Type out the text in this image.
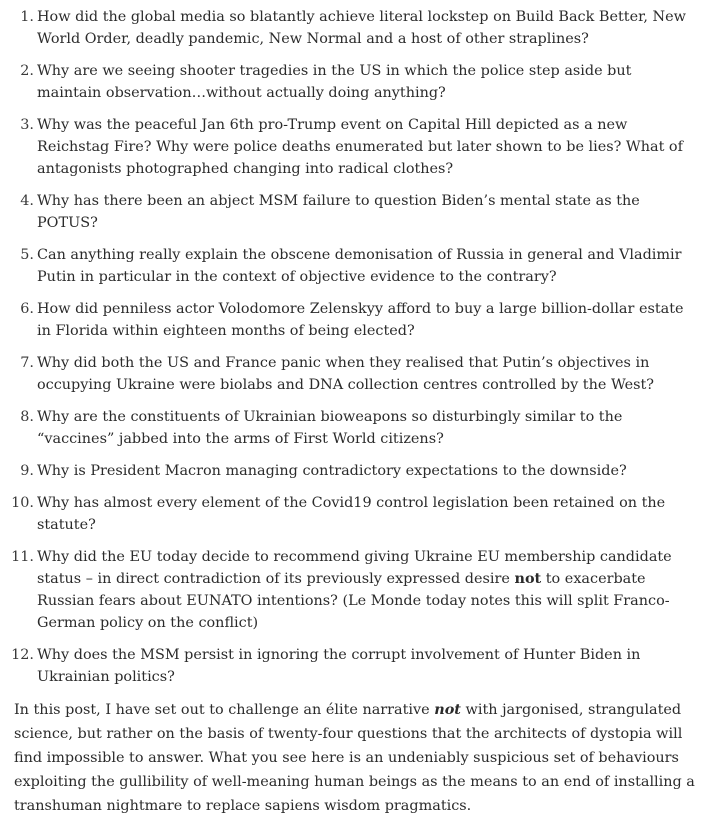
1. How did the global media so blatantly achieve literal lockstep on Build Back Better, New World Order, deadly pandemic, New Normal and a host of other straplines?
2. Why are we seeing shooter tragedies in the US in which the police step aside but maintain observation…without actually doing anything?
3. Why was the peaceful Jan 6th pro-Trump event on Capital Hill depicted as a new Reichstag Fire? Why were police deaths enumerated but later shown to be lies? What of antagonists photographed changing into radical clothes?
4. Why has there been an abject MSM failure to question Biden’s mental state as the POTUS?
5. Can anything really explain the obscene demonisation of Russia in general and Vladimir Putin in particular in the context of objective evidence to the contrary?
6. How did penniless actor Volodomore Zelenskyy afford to buy a large billion-dollar estate in Florida within eighteen months of being elected?
7. Why did both the US and France panic when they realised that Putin’s objectives in occupying Ukraine were biolabs and DNA collection centres controlled by the West?
8. Why are the constituents of Ukrainian bioweapons so disturbingly similar to the “vaccines” jabbed into the arms of First World citizens?
9. Why is President Macron managing contradictory expectations to the downside?
10. Why has almost every element of the Covid19 control legislation been retained on the statute?
11. Why did the EU today decide to recommend giving Ukraine EU membership candidate status – in direct contradiction of its previously expressed desire not to exacerbate Russian fears about EUNATO intentions? (Le Monde today notes this will split Franco-German policy on the conflict)
12. Why does the MSM persist in ignoring the corrupt involvement of Hunter Biden in Ukrainian politics?

In this post, I have set out to challenge an élite narrative not with jargonised, strangulated science, but rather on the basis of twenty-four questions that the architects of dystopia will find impossible to answer. What you see here is an undeniably suspicious set of behaviours exploiting the gullibility of well-meaning human beings as the means to an end of installing a transhuman nightmare to replace sapiens wisdom pragmatics.
